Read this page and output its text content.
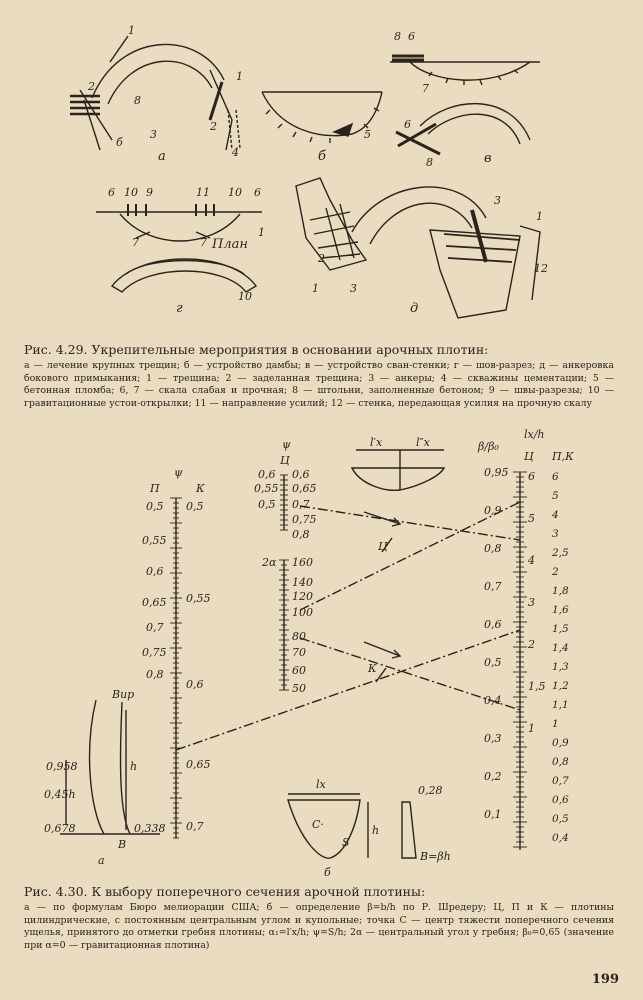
а	б	в
г	д
План
1
1
2
2
3
4
б
8
5
8 6
7
6
8
6 10 9	11 10 6
7	7
1
10
3
1
12
1	3
2
Рис. 4.29. Укрепительные мероприятия в основании арочных плотин:
а — лечение крупных трещин; б — устройство дамбы; в — устройство сван-стенки; г — шов-разрез; д — анкеровка бокового примыкания; 1 — трещина; 2 — заделанная трещина; 3 — анкеры; 4 — скважины цементации; 5 — бетонная пломба; 6, 7 — скала слабая и прочная; 8 — штольни, заполненные бетоном; 9 — швы-разрезы; 10 — гравитационные устои-открылки; 11 — направление усилий; 12 — стенка, передающая усилия на прочную скалу
0,95
0,9
0,8
0,7
0,6
0,5
0,4
0,3
0,2
0,1
6
5
4
3
2
1,5
1
6
5
4
3
2,5
2
1,8
1,6
1,5
1,4
1,3
1,2
1,1
1
0,9
0,8
0,7
0,6
0,5
0,4
ψ
П	К
0,5
0,55
0,6
0,65
0,7
0,75
0,8
0,5
0,55
0,6
0,65
0,7
ψ
Ц
0,6
0,55
0,5
0,6
0,65
0,7
0,75
0,8
2α 160
140
120
100
80
70
60
50
l′x	l″x	β/β₀
lx/h
Ц П,К
Ц
К
Bup
h
0,958
0,45h
0,678	0,338
B
а
lx
h
S
С·
б
0,28
B=βh
Рис. 4.30. К выбору поперечного сечения арочной плотины:
а — по формулам Бюро мелиорации США; б — определение β=b/h по Р. Шредеру; Ц, П и К — плотины цилиндрические, с постоянным центральным углом и купольные; точка С — центр тяжести поперечного сечения ущелья, принятого до отметки гребня плотины; α₁=l′x/h; ψ=S/h; 2α — центральный угол у гребня; β₀=0,65 (значение при α=0 — гравитационная плотина)
199
